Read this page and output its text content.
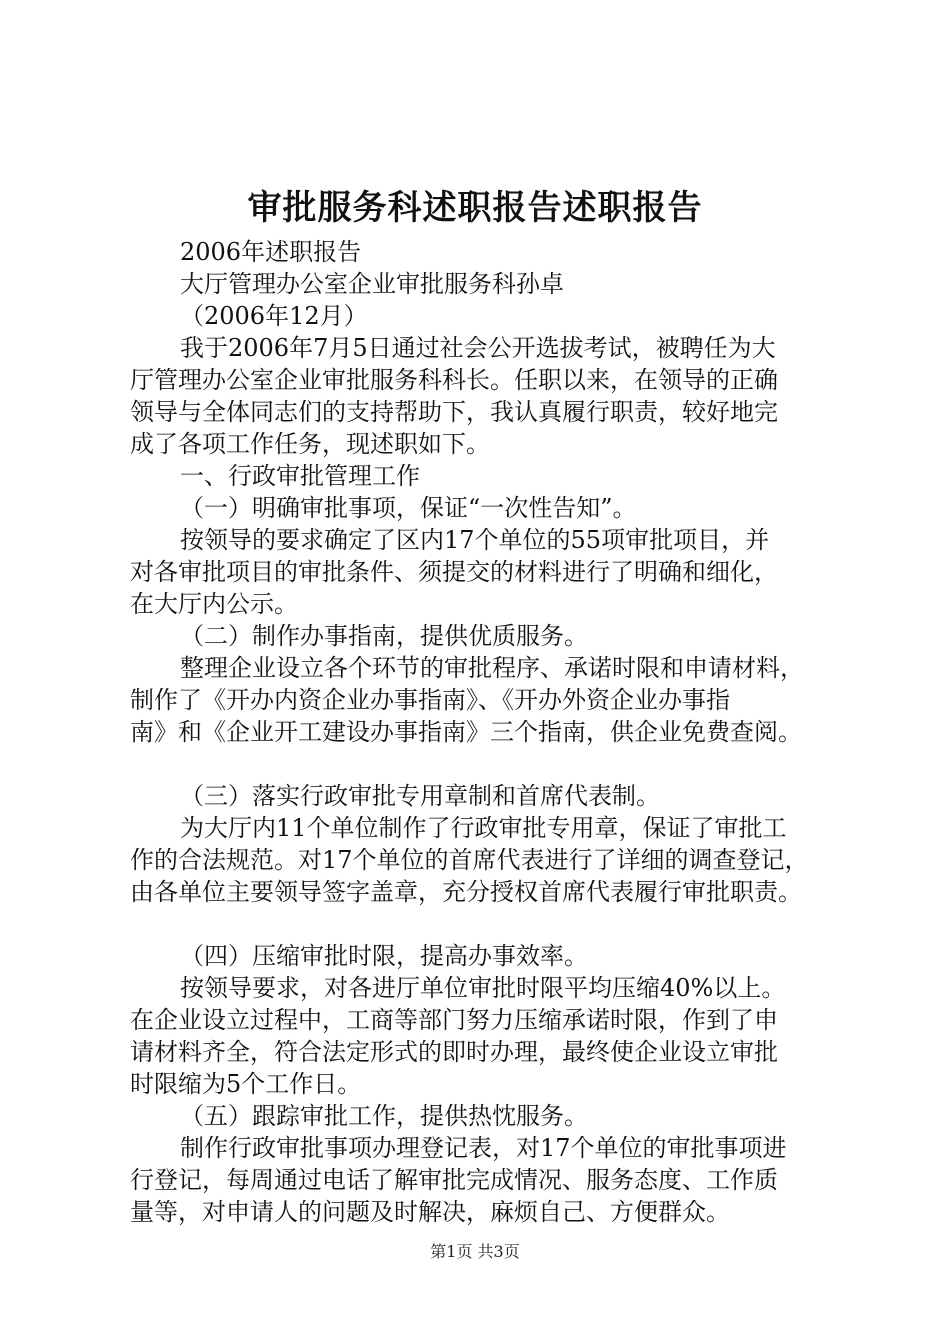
审批服务科述职报告述职报告
2006年述职报告
大厅管理办公室企业审批服务科孙卓
（2006年12月）
我于2006年7月5日通过社会公开选拔考试，被聘任为大
厅管理办公室企业审批服务科科长。任职以来，在领导的正确
领导与全体同志们的支持帮助下，我认真履行职责，较好地完
成了各项工作任务，现述职如下。
一、行政审批管理工作
（一）明确审批事项，保证“一次性告知”。
按领导的要求确定了区内17个单位的55项审批项目，并
对各审批项目的审批条件、须提交的材料进行了明确和细化，
在大厅内公示。
（二）制作办事指南，提供优质服务。
整理企业设立各个环节的审批程序、承诺时限和申请材料，
制作了《开办内资企业办事指南》、《开办外资企业办事指
南》和《企业开工建设办事指南》三个指南，供企业免费查阅。
（三）落实行政审批专用章制和首席代表制。
为大厅内11个单位制作了行政审批专用章，保证了审批工
作的合法规范。对17个单位的首席代表进行了详细的调查登记，
由各单位主要领导签字盖章，充分授权首席代表履行审批职责。
（四）压缩审批时限，提高办事效率。
按领导要求，对各进厅单位审批时限平均压缩40%以上。
在企业设立过程中，工商等部门努力压缩承诺时限，作到了申
请材料齐全，符合法定形式的即时办理，最终使企业设立审批
时限缩为5个工作日。
（五）跟踪审批工作，提供热忱服务。
制作行政审批事项办理登记表，对17个单位的审批事项进
行登记，每周通过电话了解审批完成情况、服务态度、工作质
量等，对申请人的问题及时解决，麻烦自己、方便群众。
第1页 共3页
